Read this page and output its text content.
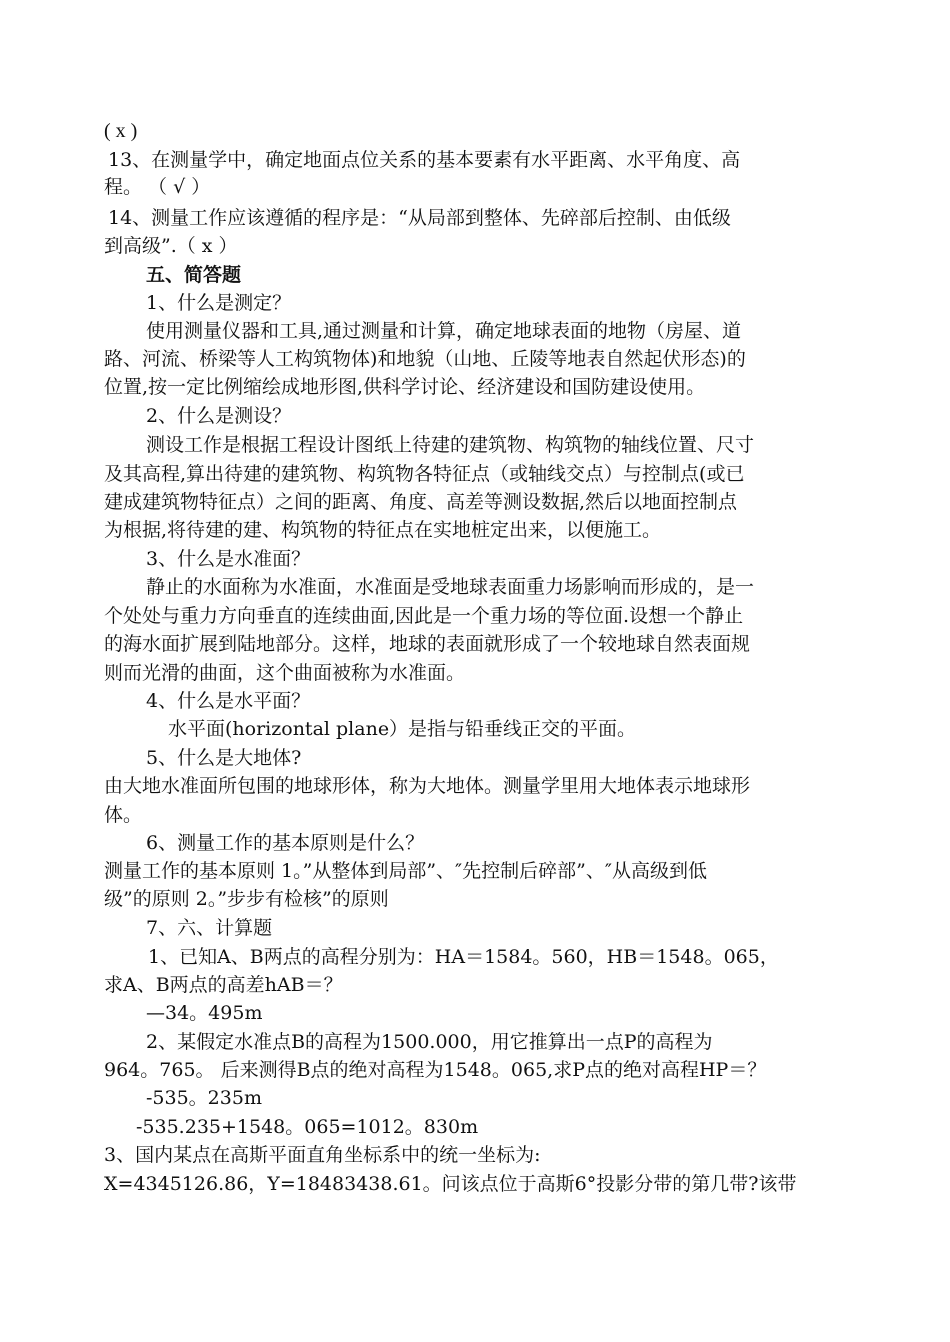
( x )
13、在测量学中，确定地面点位关系的基本要素有水平距离、水平角度、高
程。 （ √ ）
14、测量工作应该遵循的程序是：“从局部到整体、先碎部后控制、由低级
到高级”.（ x ）
五、简答题
1、什么是测定？
使用测量仪器和工具,通过测量和计算，确定地球表面的地物（房屋、道
路、河流、桥梁等人工构筑物体)和地貌（山地、丘陵等地表自然起伏形态)的
位置,按一定比例缩绘成地形图,供科学讨论、经济建设和国防建设使用。
2、什么是测设？
测设工作是根据工程设计图纸上待建的建筑物、构筑物的轴线位置、尺寸
及其高程,算出待建的建筑物、构筑物各特征点（或轴线交点）与控制点(或已
建成建筑物特征点）之间的距离、角度、高差等测设数据,然后以地面控制点
为根据,将待建的建、构筑物的特征点在实地桩定出来，以便施工。
3、什么是水准面？
静止的水面称为水准面，水准面是受地球表面重力场影响而形成的，是一
个处处与重力方向垂直的连续曲面,因此是一个重力场的等位面.设想一个静止
的海水面扩展到陆地部分。这样，地球的表面就形成了一个较地球自然表面规
则而光滑的曲面，这个曲面被称为水准面。
4、什么是水平面？
水平面(horizontal plane）是指与铅垂线正交的平面。
5、什么是大地体?
由大地水准面所包围的地球形体，称为大地体。测量学里用大地体表示地球形
体。
6、测量工作的基本原则是什么？
测量工作的基本原则 1。”从整体到局部”、″先控制后碎部”、″从高级到低
级”的原则 2。”步步有检核”的原则
7、六、计算题
1、已知A、B两点的高程分别为：HA＝1584。560，HB＝1548。065，
求A、B两点的高差hAB＝？
—34。495m
2、某假定水准点B的高程为1500.000，用它推算出一点P的高程为
964。765。 后来测得B点的绝对高程为1548。065,求P点的绝对高程HP＝？
-535。235m
-535.235+1548。065=1012。830m
3、国内某点在高斯平面直角坐标系中的统一坐标为:
X=4345126.86，Y=18483438.61。问该点位于高斯6°投影分带的第几带?该带
